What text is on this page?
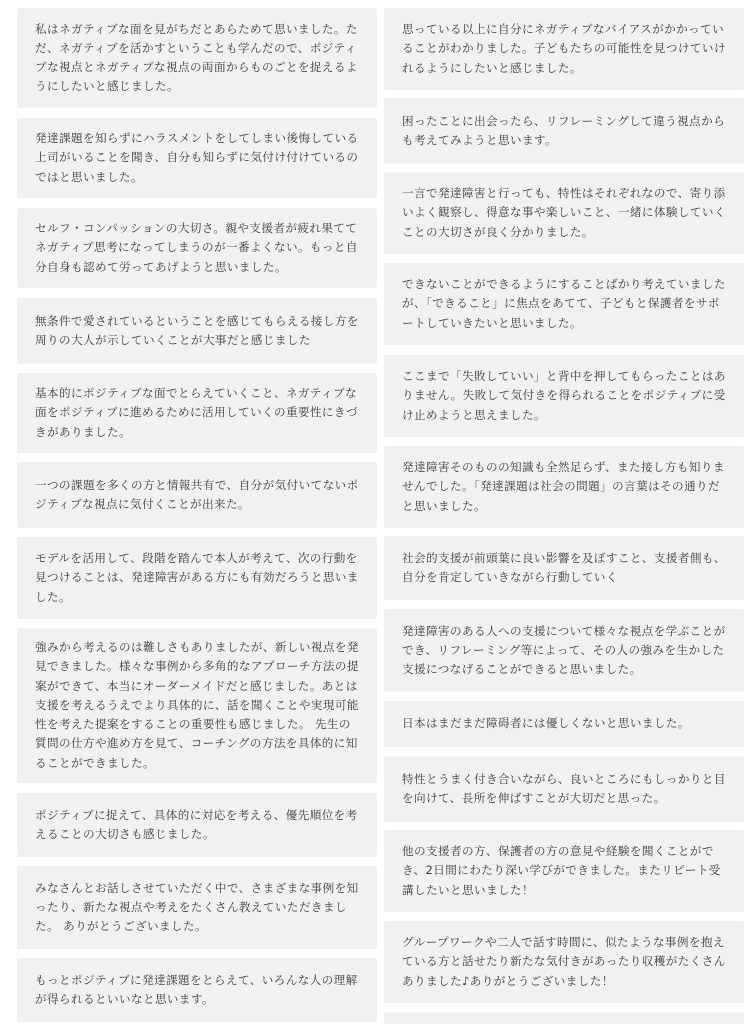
私はネガティブな面を見がちだとあらためて思いました。ただ、ネガティブを活かすということも学んだので、ポジティブな視点とネガティブな視点の両面からものごとを捉えるようにしたいと感じました。
発達課題を知らずにハラスメントをしてしまい後悔している上司がいることを聞き、自分も知らずに気付け付けているのではと思いました。
セルフ・コンパッションの大切さ。親や支援者が疲れ果ててネガティブ思考になってしまうのが一番よくない。もっと自分自身も認めて労ってあげようと思いました。
無条件で愛されているということを感じてもらえる接し方を周りの大人が示していくことが大事だと感じました
基本的にポジティブな面でとらえていくこと、ネガティブな面をポジティブに進めるために活用していくの重要性にきづきがありました。
一つの課題を多くの方と情報共有で、自分が気付いてないポジティブな視点に気付くことが出来た。
モデルを活用して、段階を踏んで本人が考えて、次の行動を見つけることは、発達障害がある方にも有効だろうと思いました。
強みから考えるのは難しさもありましたが、新しい視点を発見できました。様々な事例から多角的なアプローチ方法の提案ができて、本当にオーダーメイドだと感じました。あとは支援を考えるうえでより具体的に、話を聞くことや実現可能性を考えた提案をすることの重要性も感じました。 先生の質問の仕方や進め方を見て、コーチングの方法を具体的に知ることができました。
ポジティブに捉えて、具体的に対応を考える、優先順位を考えることの大切さも感じました。
みなさんとお話しさせていただく中で、さまざまな事例を知ったり、新たな視点や考えをたくさん教えていただきました。 ありがとうございました。
もっとポジティブに発達課題をとらえて、いろんな人の理解が得られるといいなと思います。
思っている以上に自分にネガティブなバイアスがかかっていることがわかりました。子どもたちの可能性を見つけていけれるようにしたいと感じました。
困ったことに出会ったら、リフレーミングして違う視点からも考えてみようと思います。
一言で発達障害と行っても、特性はそれぞれなので、寄り添いよく観察し、得意な事や楽しいこと、一緒に体験していくことの大切さが良く分かりました。
できないことができるようにすることばかり考えていましたが、「できること」に焦点をあてて、子どもと保護者をサポートしていきたいと思いました。
ここまで「失敗していい」と背中を押してもらったことはありません。失敗して気付きを得られることをポジティブに受け止めようと思えました。
発達障害そのものの知識も全然足らず、また接し方も知りませんでした。「発達課題は社会の問題」の言葉はその通りだと思いました。
社会的支援が前頭葉に良い影響を及ぼすこと、支援者側も、自分を肯定していきながら行動していく
発達障害のある人への支援について様々な視点を学ぶことができ、リフレーミング等によって、その人の強みを生かした支援につなげることができると思いました。
日本はまだまだ障碍者には優しくないと思いました。
特性とうまく付き合いながら、良いところにもしっかりと目を向けて、長所を伸ばすことが大切だと思った。
他の支援者の方、保護者の方の意見や経験を聞くことができ、2日間にわたり深い学びができました。またリピート受講したいと思いました！
グループワークや二人で話す時間に、似たような事例を抱えている方と話せたり新たな気付きがあったり収穫がたくさんありました♪ありがとうございました！
